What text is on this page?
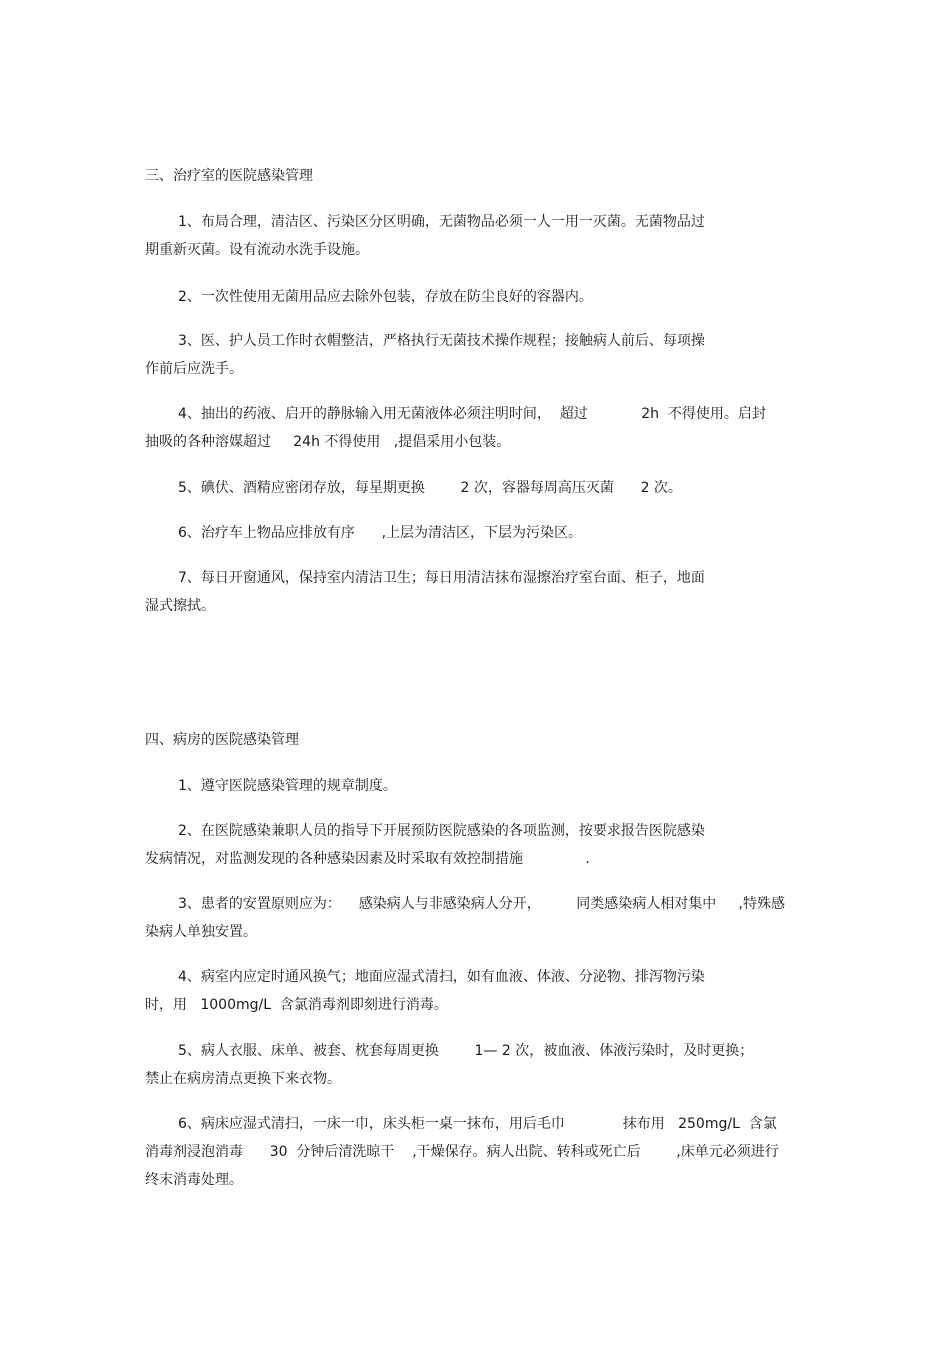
三、治疗室的医院感染管理
1、布局合理，清洁区、污染区分区明确，无菌物品必须一人一用一灭菌。无菌物品过
期重新灭菌。设有流动水洗手设施。
2、一次性使用无菌用品应去除外包装，存放在防尘良好的容器内。
3、医、护人员工作时衣帽整洁，严格执行无菌技术操作规程；接触病人前后、每项操
作前后应洗手。
4、抽出的药液、启开的静脉输入用无菌液体必须注明时间，  超过            2h  不得使用。启封
抽吸的各种溶媒超过     24h 不得使用   ,提倡采用小包装。
5、碘伏、酒精应密闭存放，每星期更换        2 次，容器每周高压灭菌      2 次。
6、治疗车上物品应排放有序      ,上层为清洁区，下层为污染区。
7、每日开窗通风，保持室内清洁卫生；每日用清洁抹布湿擦治疗室台面、柜子，地面
湿式擦拭。
四、病房的医院感染管理
1、遵守医院感染管理的规章制度。
2、在医院感染兼职人员的指导下开展预防医院感染的各项监测，按要求报告医院感染
发病情况，对监测发现的各种感染因素及时采取有效控制措施              .
3、患者的安置原则应为：    感染病人与非感染病人分开，        同类感染病人相对集中     ,特殊感
染病人单独安置。
4、病室内应定时通风换气；地面应湿式清扫，如有血液、体液、分泌物、排泻物污染
时，用   1000mg/L  含氯消毒剂即刻进行消毒。
5、病人衣服、床单、被套、枕套每周更换        1— 2 次，被血液、体液污染时，及时更换；
禁止在病房清点更换下来衣物。
6、病床应湿式清扫，一床一巾，床头柜一桌一抹布，用后毛巾             抹布用   250mg/L  含氯
消毒剂浸泡消毒      30  分钟后清洗晾干    ,干燥保存。病人出院、转科或死亡后        ,床单元必须进行
终末消毒处理。
